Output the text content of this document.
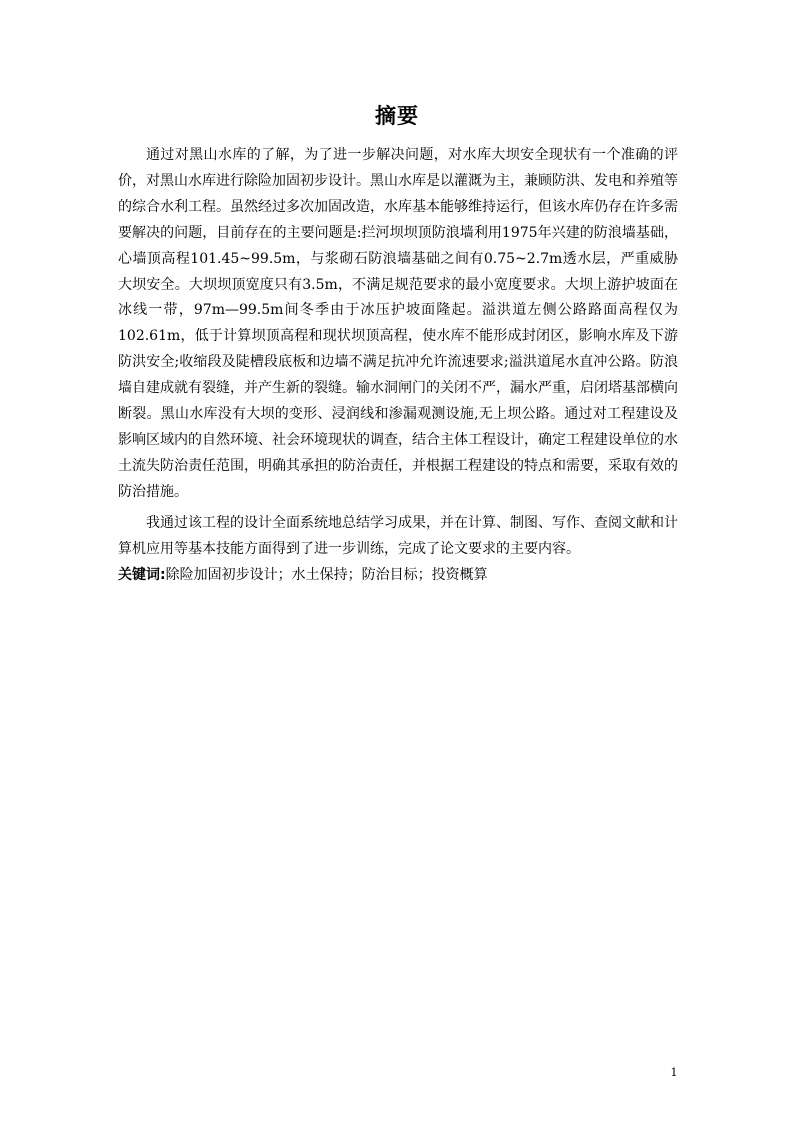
摘要

通过对黑山水库的了解，为了进一步解决问题，对水库大坝安全现状有一个准确的评价，对黑山水库进行除险加固初步设计。黑山水库是以灌溉为主，兼顾防洪、发电和养殖等的综合水利工程。虽然经过多次加固改造，水库基本能够维持运行，但该水库仍存在许多需要解决的问题，目前存在的主要问题是:拦河坝坝顶防浪墙利用1975年兴建的防浪墙基础，心墙顶高程101.45~99.5m，与浆砌石防浪墙基础之间有0.75~2.7m透水层，严重威胁大坝安全。大坝坝顶宽度只有3.5m，不满足规范要求的最小宽度要求。大坝上游护坡面在冰线一带，97m—99.5m间冬季由于冰压护坡面隆起。溢洪道左侧公路路面高程仅为102.61m，低于计算坝顶高程和现状坝顶高程，使水库不能形成封闭区，影响水库及下游防洪安全;收缩段及陡槽段底板和边墙不满足抗冲允许流速要求;溢洪道尾水直冲公路。防浪墙自建成就有裂缝，并产生新的裂缝。输水洞闸门的关闭不严，漏水严重，启闭塔基部横向断裂。黑山水库没有大坝的变形、浸润线和渗漏观测设施,无上坝公路。通过对工程建设及影响区域内的自然环境、社会环境现状的调查，结合主体工程设计，确定工程建设单位的水土流失防治责任范围，明确其承担的防治责任，并根据工程建设的特点和需要，采取有效的防治措施。

我通过该工程的设计全面系统地总结学习成果，并在计算、制图、写作、查阅文献和计算机应用等基本技能方面得到了进一步训练，完成了论文要求的主要内容。

关键词:除险加固初步设计；水土保持；防治目标；投资概算

1
